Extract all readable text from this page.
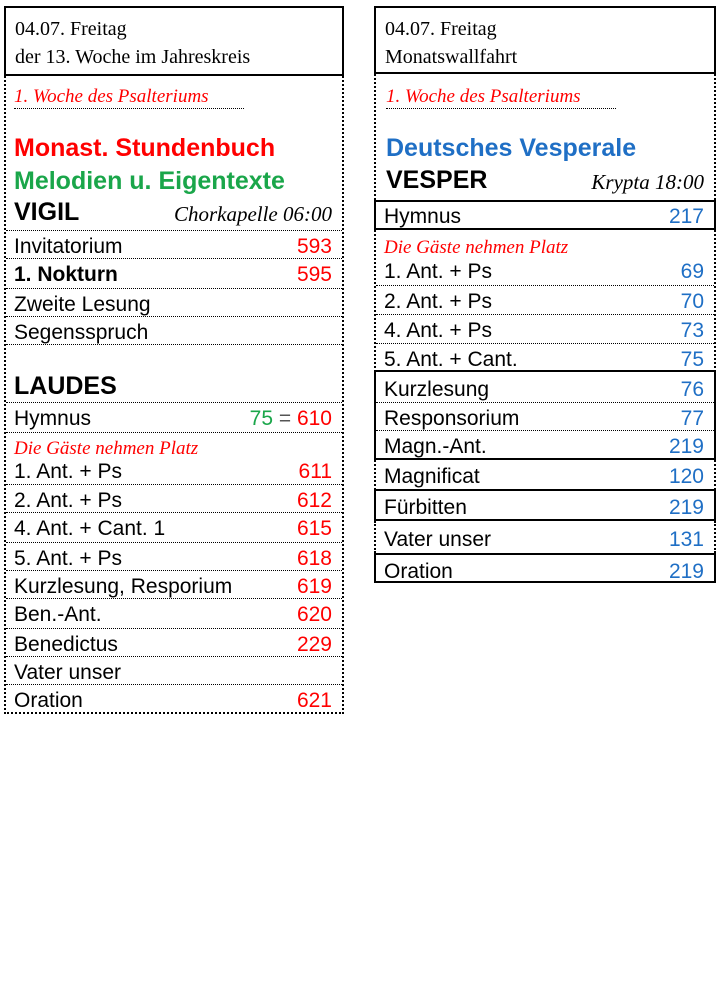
04.07. Freitag
der 13. Woche im Jahreskreis
1. Woche des Psalteriums
Monast. Stundenbuch
Melodien u. Eigentexte
VIGIL	Chorkapelle 06:00
Invitatorium	593
1. Nokturn	595
Zweite Lesung
Segensspruch
LAUDES
Hymnus	75 = 610
Die Gäste nehmen Platz
1. Ant. + Ps	611
2. Ant. + Ps	612
4. Ant. + Cant. 1	615
5. Ant. + Ps	618
Kurzlesung, Resporium	619
Ben.-Ant.	620
Benedictus	229
Vater unser
Oration	621
04.07. Freitag
Monatswallfahrt
1. Woche des Psalteriums
Deutsches Vesperale
VESPER	Krypta 18:00
Hymnus	217
Die Gäste nehmen Platz
1. Ant. + Ps	69
2. Ant. + Ps	70
4. Ant. + Ps	73
5. Ant. + Cant.	75
Kurzlesung	76
Responsorium	77
Magn.-Ant.	219
Magnificat	120
Fürbitten	219
Vater unser	131
Oration	219
